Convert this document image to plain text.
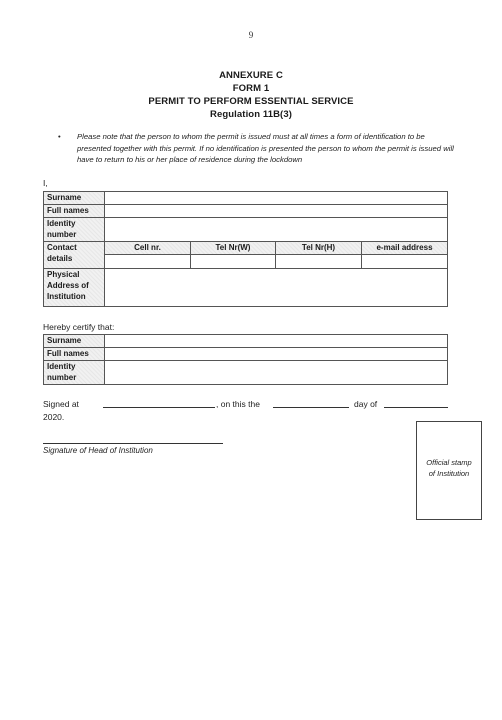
9
ANNEXURE C
FORM 1
PERMIT TO PERFORM ESSENTIAL SERVICE
Regulation 11B(3)
• Please note that the person to whom the permit is issued must at all times a form of identification to be presented together with this permit. If no identification is presented the person to whom the permit is issued will have to return to his or her place of residence during the lockdown
I,
Surname				
Full names				
Identity number				
Contact details	Cell nr.	Tel Nr(W)	Tel Nr(H)	e-mail address

Physical Address of Institution				
Hereby certify that:
Surname	
Full names	
Identity number	
Signed at	, on this the	day of
2020.
Signature of Head of Institution
Official stamp
of Institution
